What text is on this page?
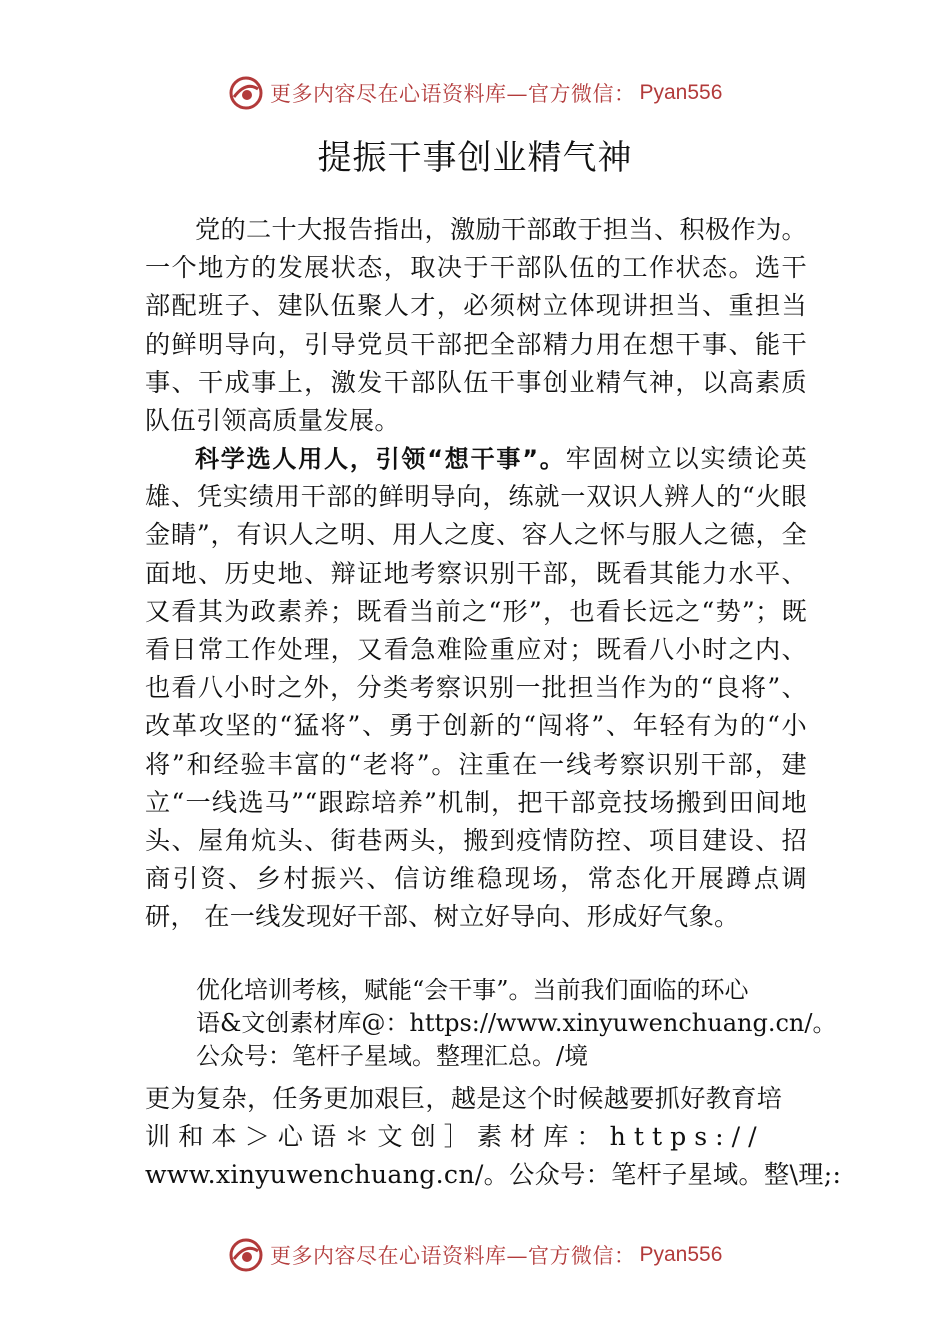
更多内容尽在心语资料库—官方微信： Pyan556
提振干事创业精气神

党的二十大报告指出，激励干部敢于担当、积极作为。一个地方的发展状态，取决于干部队伍的工作状态。选干部配班子、建队伍聚人才，必须树立体现讲担当、重担当的鲜明导向，引导党员干部把全部精力用在想干事、能干事、干成事上，激发干部队伍干事创业精气神，以高素质队伍引领高质量发展。

科学选人用人，引领“想干事”。牢固树立以实绩论英雄、凭实绩用干部的鲜明导向，练就一双识人辨人的“火眼金睛”，有识人之明、用人之度、容人之怀与服人之德，全面地、历史地、辩证地考察识别干部，既看其能力水平、又看其为政素养；既看当前之“形”，也看长远之“势”；既看日常工作处理，又看急难险重应对；既看八小时之内、也看八小时之外，分类考察识别一批担当作为的“良将”、改革攻坚的“猛将”、勇于创新的“闯将”、年轻有为的“小将”和经验丰富的“老将”。注重在一线考察识别干部，建立“一线选马”“跟踪培养”机制，把干部竞技场搬到田间地头、屋角炕头、街巷两头，搬到疫情防控、项目建设、招商引资、乡村振兴、信访维稳现场，常态化开展蹲点调研， 在一线发现好干部、树立好导向、形成好气象。

优化培训考核，赋能“会干事”。当前我们面临的环心
语&文创素材库@：https://www.xinyuwenchuang.cn/。
公众号：笔杆子星域。整理汇总。/境
更为复杂，任务更加艰巨，越是这个时候越要抓好教育培
训和本＞心语＊文创］素材库：https://
www.xinyuwenchuang.cn/。公众号：笔杆子星域。整\理;:
更多内容尽在心语资料库—官方微信： Pyan556
